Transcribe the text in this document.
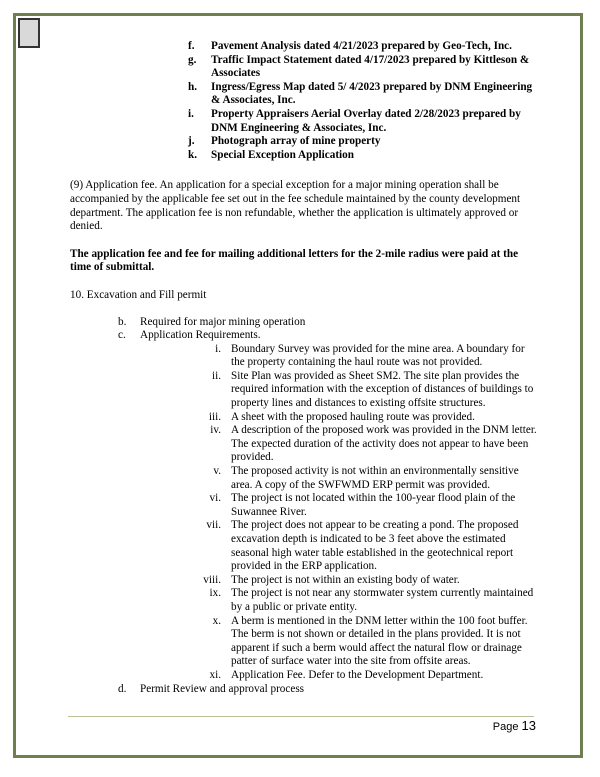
f.	Pavement Analysis dated 4/21/2023 prepared by Geo-Tech, Inc.
g.	Traffic Impact Statement dated 4/17/2023 prepared by Kittleson & Associates
h.	Ingress/Egress Map dated 5/ 4/2023 prepared by DNM Engineering & Associates, Inc.
i.	Property Appraisers Aerial Overlay dated 2/28/2023 prepared by DNM Engineering & Associates, Inc.
j.	Photograph array of mine property
k.	Special Exception Application

(9) Application fee. An application for a special exception for a major mining operation shall be accompanied by the applicable fee set out in the fee schedule maintained by the county development department. The application fee is non refundable, whether the application is ultimately approved or denied.

The application fee and fee for mailing additional letters for the 2-mile radius were paid at the time of submittal.

10. Excavation and Fill permit

b.	Required for major mining operation
c.	Application Requirements.
i. Boundary Survey was provided for the mine area. A boundary for the property containing the haul route was not provided.
ii. Site Plan was provided as Sheet SM2. The site plan provides the required information with the exception of distances of buildings to property lines and distances to existing offsite structures.
iii. A sheet with the proposed hauling route was provided.
iv. A description of the proposed work was provided in the DNM letter. The expected duration of the activity does not appear to have been provided.
v. The proposed activity is not within an environmentally sensitive area. A copy of the SWFWMD ERP permit was provided.
vi. The project is not located within the 100-year flood plain of the Suwannee River.
vii. The project does not appear to be creating a pond. The proposed excavation depth is indicated to be 3 feet above the estimated seasonal high water table established in the geotechnical report provided in the ERP application.
viii. The project is not within an existing body of water.
ix. The project is not near any stormwater system currently maintained by a public or private entity.
x. A berm is mentioned in the DNM letter within the 100 foot buffer. The berm is not shown or detailed in the plans provided. It is not apparent if such a berm would affect the natural flow or drainage patter of surface water into the site from offsite areas.
xi. Application Fee. Defer to the Development Department.
d.	Permit Review and approval process
Page 13
